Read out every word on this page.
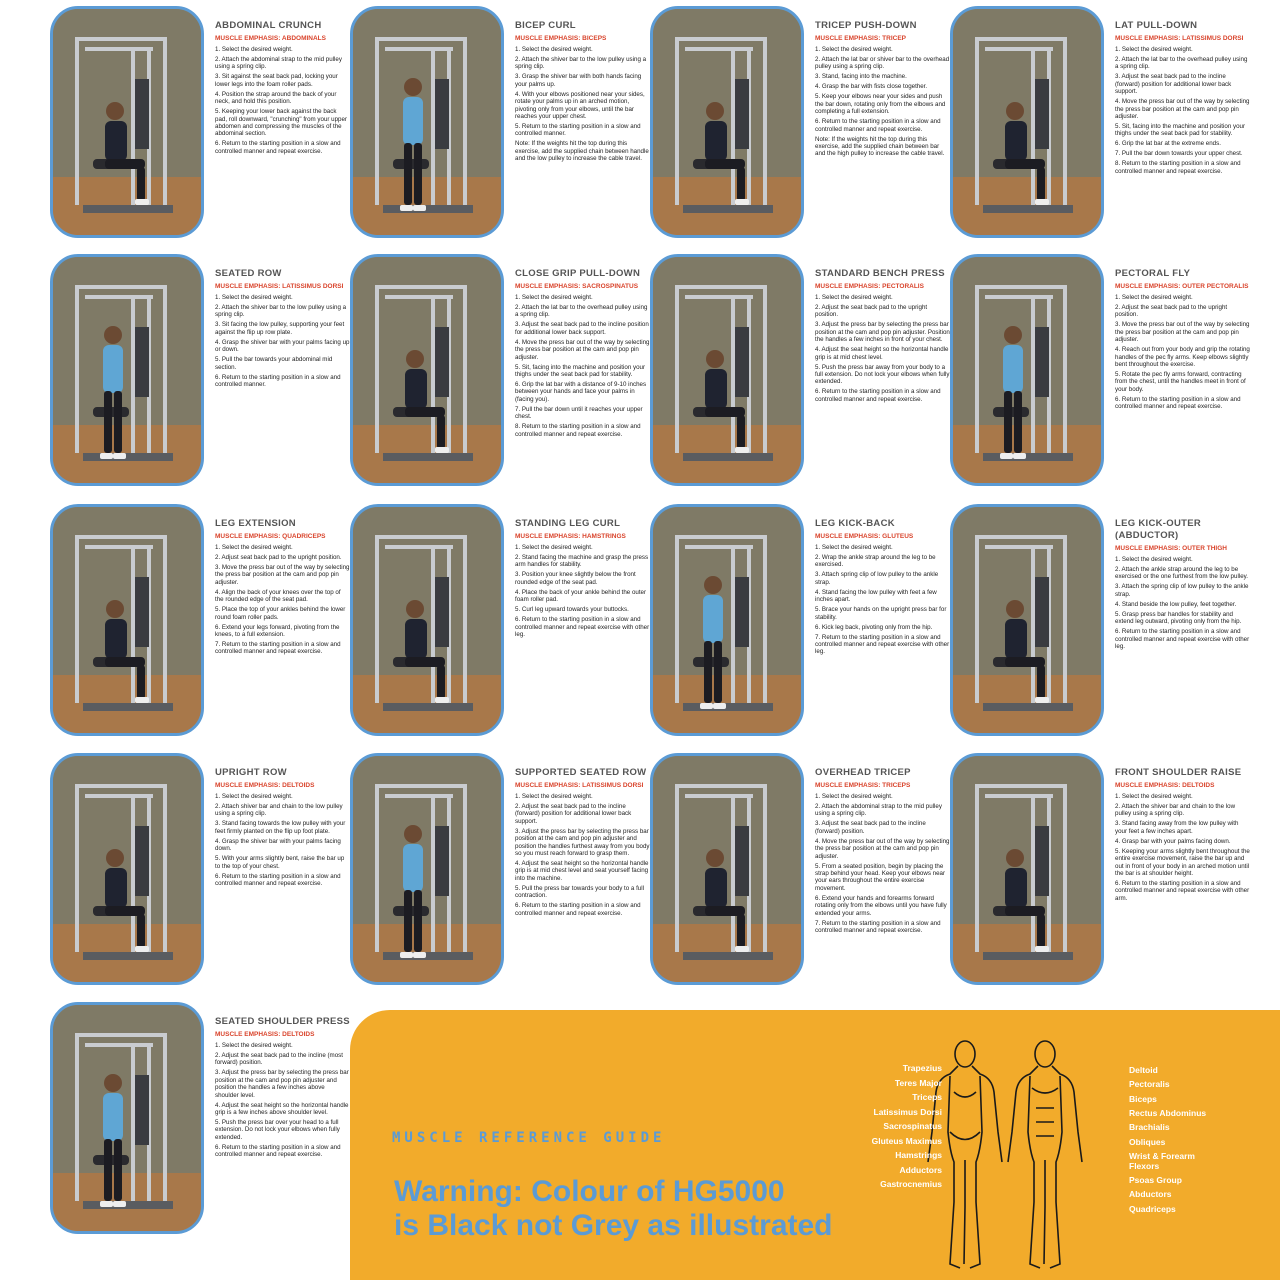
ABDOMINAL CRUNCH
MUSCLE EMPHASIS: ABDOMINALS
1. Select the desired weight.
2. Attach the abdominal strap to the mid pulley using a spring clip.
3. Sit against the seat back pad, locking your lower legs into the foam roller pads.
4. Position the strap around the back of your neck, and hold this position.
5. Keeping your lower back against the back pad, roll downward, "crunching" from your upper abdomen and compressing the muscles of the abdominal section.
6. Return to the starting position in a slow and controlled manner and repeat exercise.
BICEP CURL
MUSCLE EMPHASIS: BICEPS
1. Select the desired weight.
2. Attach the shiver bar to the low pulley using a spring clip.
3. Grasp the shiver bar with both hands facing your palms up.
4. With your elbows positioned near your sides, rotate your palms up in an arched motion, pivoting only from your elbows, until the bar reaches your upper chest.
5. Return to the starting position in a slow and controlled manner.
Note: If the weights hit the top during this exercise, add the supplied chain between handle and the low pulley to increase the cable travel.
TRICEP PUSH-DOWN
MUSCLE EMPHASIS: TRICEP
1. Select the desired weight.
2. Attach the lat bar or shiver bar to the overhead pulley using a spring clip.
3. Stand, facing into the machine.
4. Grasp the bar with fists close together.
5. Keep your elbows near your sides and push the bar down, rotating only from the elbows and completing a full extension.
6. Return to the starting position in a slow and controlled manner and repeat exercise.
Note: If the weights hit the top during this exercise, add the supplied chain between bar and the high pulley to increase the cable travel.
LAT PULL-DOWN
MUSCLE EMPHASIS: LATISSIMUS DORSI
1. Select the desired weight.
2. Attach the lat bar to the overhead pulley using a spring clip.
3. Adjust the seat back pad to the incline (forward) position for additional lower back support.
4. Move the press bar out of the way by selecting the press bar position at the cam and pop pin adjuster.
5. Sit, facing into the machine and position your thighs under the seat back pad for stability.
6. Grip the lat bar at the extreme ends.
7. Pull the bar down towards your upper chest.
8. Return to the starting position in a slow and controlled manner and repeat exercise.
SEATED ROW
MUSCLE EMPHASIS: LATISSIMUS DORSI
1. Select the desired weight.
2. Attach the shiver bar to the low pulley using a spring clip.
3. Sit facing the low pulley, supporting your feet against the flip up row plate.
4. Grasp the shiver bar with your palms facing up or down.
5. Pull the bar towards your abdominal mid section.
6. Return to the starting position in a slow and controlled manner.
CLOSE GRIP PULL-DOWN
MUSCLE EMPHASIS: SACROSPINATUS
1. Select the desired weight.
2. Attach the lat bar to the overhead pulley using a spring clip.
3. Adjust the seat back pad to the incline position for additional lower back support.
4. Move the press bar out of the way by selecting the press bar position at the cam and pop pin adjuster.
5. Sit, facing into the machine and position your thighs under the seat back pad for stability.
6. Grip the lat bar with a distance of 9-10 inches between your hands and face your palms in (facing you).
7. Pull the bar down until it reaches your upper chest.
8. Return to the starting position in a slow and controlled manner and repeat exercise.
STANDARD BENCH PRESS
MUSCLE EMPHASIS: PECTORALIS
1. Select the desired weight.
2. Adjust the seat back pad to the upright position.
3. Adjust the press bar by selecting the press bar position at the cam and pop pin adjuster. Position the handles a few inches in front of your chest.
4. Adjust the seat height so the horizontal handle grip is at mid chest level.
5. Push the press bar away from your body to a full extension. Do not lock your elbows when fully extended.
6. Return to the starting position in a slow and controlled manner and repeat exercise.
PECTORAL FLY
MUSCLE EMPHASIS: OUTER PECTORALIS
1. Select the desired weight.
2. Adjust the seat back pad to the upright position.
3. Move the press bar out of the way by selecting the press bar position at the cam and pop pin adjuster.
4. Reach out from your body and grip the rotating handles of the pec fly arms. Keep elbows slightly bent throughout the exercise.
5. Rotate the pec fly arms forward, contracting from the chest, until the handles meet in front of your body.
6. Return to the starting position in a slow and controlled manner and repeat exercise.
LEG EXTENSION
MUSCLE EMPHASIS: QUADRICEPS
1. Select the desired weight.
2. Adjust seat back pad to the upright position.
3. Move the press bar out of the way by selecting the press bar position at the cam and pop pin adjuster.
4. Align the back of your knees over the top of the rounded edge of the seat pad.
5. Place the top of your ankles behind the lower round foam roller pads.
6. Extend your legs forward, pivoting from the knees, to a full extension.
7. Return to the starting position in a slow and controlled manner and repeat exercise.
STANDING LEG CURL
MUSCLE EMPHASIS: HAMSTRINGS
1. Select the desired weight.
2. Stand facing the machine and grasp the press arm handles for stability.
3. Position your knee slightly below the front rounded edge of the seat pad.
4. Place the back of your ankle behind the outer foam roller pad.
5. Curl leg upward towards your buttocks.
6. Return to the starting position in a slow and controlled manner and repeat exercise with other leg.
LEG KICK-BACK
MUSCLE EMPHASIS: GLUTEUS
1. Select the desired weight.
2. Wrap the ankle strap around the leg to be exercised.
3. Attach spring clip of low pulley to the ankle strap.
4. Stand facing the low pulley with feet a few inches apart.
5. Brace your hands on the upright press bar for stability.
6. Kick leg back, pivoting only from the hip.
7. Return to the starting position in a slow and controlled manner and repeat exercise with other leg.
LEG KICK-OUTER (ABDUCTOR)
MUSCLE EMPHASIS: OUTER THIGH
1. Select the desired weight.
2. Attach the ankle strap around the leg to be exercised or the one furthest from the low pulley.
3. Attach the spring clip of low pulley to the ankle strap.
4. Stand beside the low pulley, feet together.
5. Grasp press bar handles for stability and extend leg outward, pivoting only from the hip.
6. Return to the starting position in a slow and controlled manner and repeat exercise with other leg.
UPRIGHT ROW
MUSCLE EMPHASIS: DELTOIDS
1. Select the desired weight.
2. Attach shiver bar and chain to the low pulley using a spring clip.
3. Stand facing towards the low pulley with your feet firmly planted on the flip up foot plate.
4. Grasp the shiver bar with your palms facing down.
5. With your arms slightly bent, raise the bar up to the top of your chest.
6. Return to the starting position in a slow and controlled manner and repeat exercise.
SUPPORTED SEATED ROW
MUSCLE EMPHASIS: LATISSIMUS DORSI
1. Select the desired weight.
2. Adjust the seat back pad to the incline (forward) position for additional lower back support.
3. Adjust the press bar by selecting the press bar position at the cam and pop pin adjuster and position the handles furthest away from you body so you must reach forward to grasp them.
4. Adjust the seat height so the horizontal handle grip is at mid chest level and seat yourself facing into the machine.
5. Pull the press bar towards your body to a full contraction.
6. Return to the starting position in a slow and controlled manner and repeat exercise.
OVERHEAD TRICEP
MUSCLE EMPHASIS: TRICEPS
1. Select the desired weight.
2. Attach the abdominal strap to the mid pulley using a spring clip.
3. Adjust the seat back pad to the incline (forward) position.
4. Move the press bar out of the way by selecting the press bar position at the cam and pop pin adjuster.
5. From a seated position, begin by placing the strap behind your head. Keep your elbows near your ears throughout the entire exercise movement.
6. Extend your hands and forearms forward rotating only from the elbows until you have fully extended your arms.
7. Return to the starting position in a slow and controlled manner and repeat exercise.
FRONT SHOULDER RAISE
MUSCLE EMPHASIS: DELTOIDS
1. Select the desired weight.
2. Attach the shiver bar and chain to the low pulley using a spring clip.
3. Stand facing away from the low pulley with your feet a few inches apart.
4. Grasp bar with your palms facing down.
5. Keeping your arms slightly bent throughout the entire exercise movement, raise the bar up and out in front of your body in an arched motion until the bar is at shoulder height.
6. Return to the starting position in a slow and controlled manner and repeat exercise with other arm.
SEATED SHOULDER PRESS
MUSCLE EMPHASIS: DELTOIDS
1. Select the desired weight.
2. Adjust the seat back pad to the incline (most forward) position.
3. Adjust the press bar by selecting the press bar position at the cam and pop pin adjuster and position the handles a few inches above shoulder level.
4. Adjust the seat height so the horizontal handle grip is a few inches above shoulder level.
5. Push the press bar over your head to a full extension. Do not lock your elbows when fully extended.
6. Return to the starting position in a slow and controlled manner and repeat exercise.
MUSCLE REFERENCE GUIDE
Warning: Colour of HG5000
is Black not Grey as illustrated
Trapezius
Teres Major
Triceps
Latissimus Dorsi
Sacrospinatus
Gluteus Maximus
Hamstrings
Adductors
Gastrocnemius
Deltoid
Pectoralis
Biceps
Rectus Abdominus
Brachialis
Obliques
Wrist & Forearm Flexors
Psoas Group
Abductors
Quadriceps
